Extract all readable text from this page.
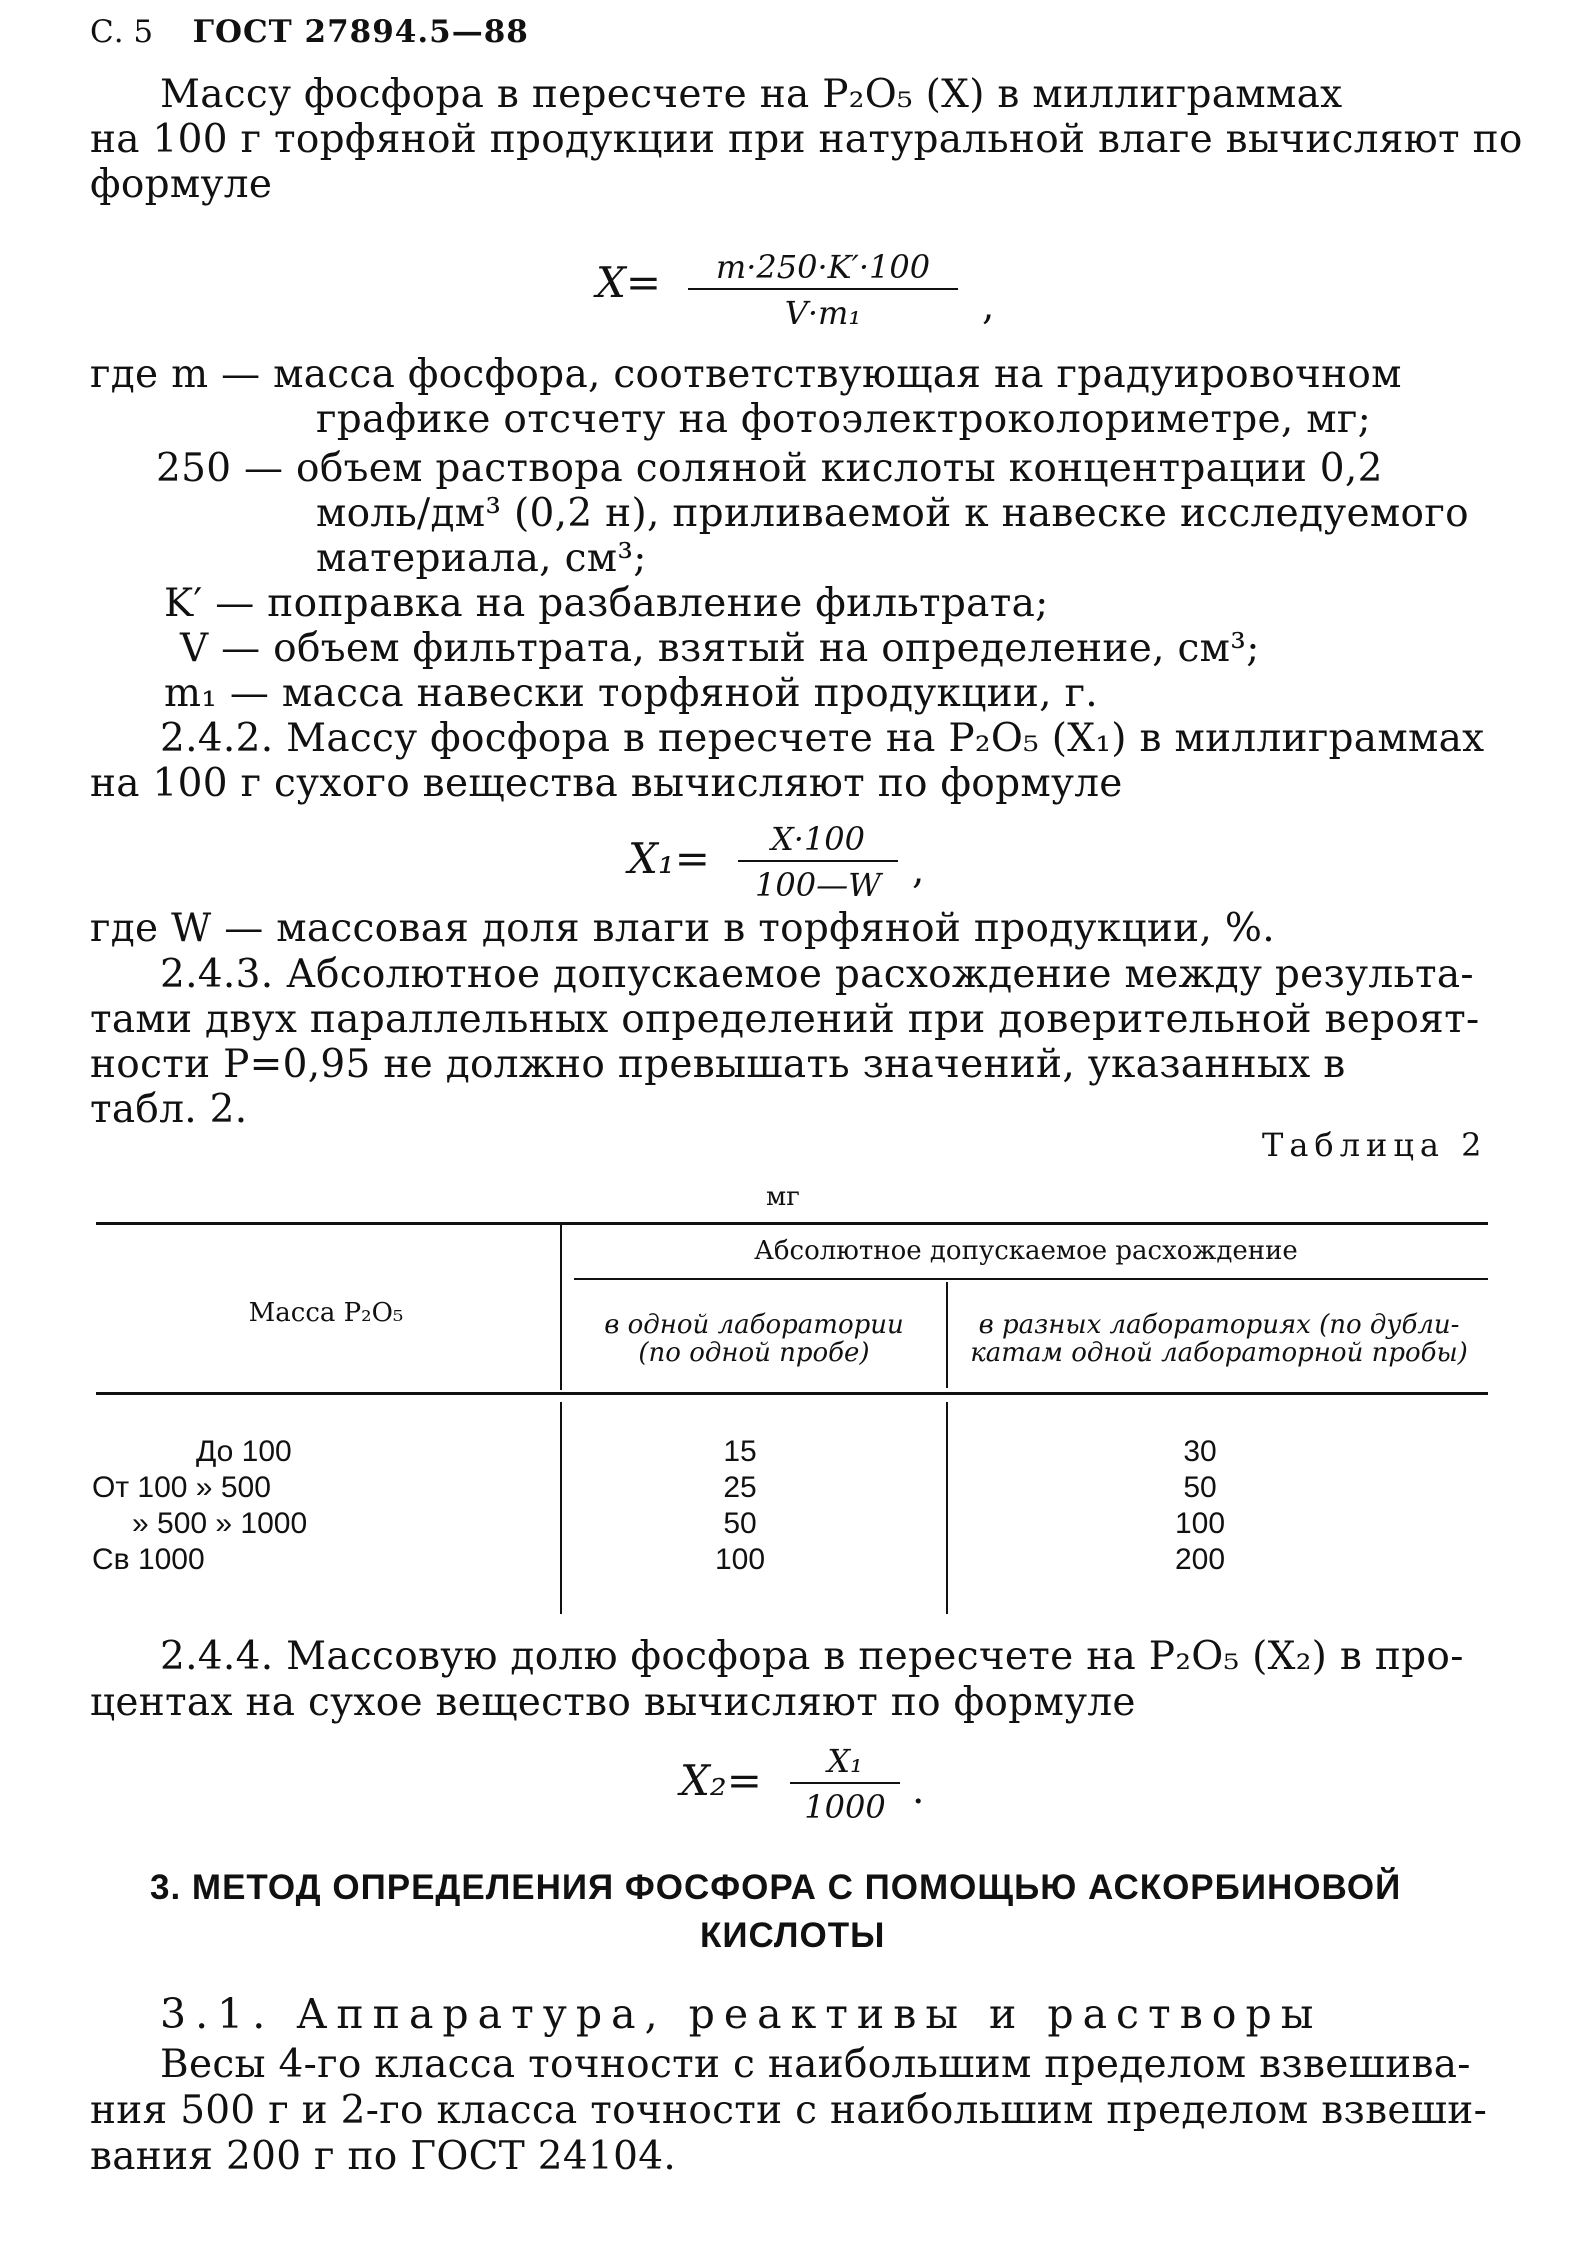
С. 5 ГОСТ 27894.5—88
Массу фосфора в пересчете на P₂O₅ (X) в миллиграммах
на 100 г торфяной продукции при натуральной влаге вычисляют по
формуле
X=	m·250·K′·100
V·m₁	,
где m — масса фосфора, соответствующая на градуировочном
графике отсчету на фотоэлектроколориметре, мг;
250 — объем раствора соляной кислоты концентрации 0,2
моль/дм³ (0,2 н), приливаемой к навеске исследуемого
материала, см³;
K′ — поправка на разбавление фильтрата;
V — объем фильтрата, взятый на определение, см³;
m₁ — масса навески торфяной продукции, г.
2.4.2. Массу фосфора в пересчете на P₂O₅ (X₁) в миллиграммах
на 100 г сухого вещества вычисляют по формуле
X₁=	X·100
100—W ,
где W — массовая доля влаги в торфяной продукции, %.
2.4.3. Абсолютное допускаемое расхождение между результа-
тами двух параллельных определений при доверительной вероят-
ности P=0,95 не должно превышать значений, указанных в
табл. 2.
Таблица 2
мг
Масса P₂O₅
Абсолютное допускаемое расхождение
в одной лаборатории
(по одной пробе)
в разных лабораториях (по дубли-
катам одной лабораторной пробы)
До 100	15	30
От 100 » 500	25	50
» 500 » 1000	50	100
Св 1000	100	200
2.4.4. Массовую долю фосфора в пересчете на P₂O₅ (X₂) в про-
центах на сухое вещество вычисляют по формуле
X₂=	X₁
1000 .
3. МЕТОД ОПРЕДЕЛЕНИЯ ФОСФОРА С ПОМОЩЬЮ АСКОРБИНОВОЙ
КИСЛОТЫ
3.1. Аппаратура, реактивы и растворы
Весы 4-го класса точности с наибольшим пределом взвешива-
ния 500 г и 2-го класса точности с наибольшим пределом взвеши-
вания 200 г по ГОСТ 24104.
